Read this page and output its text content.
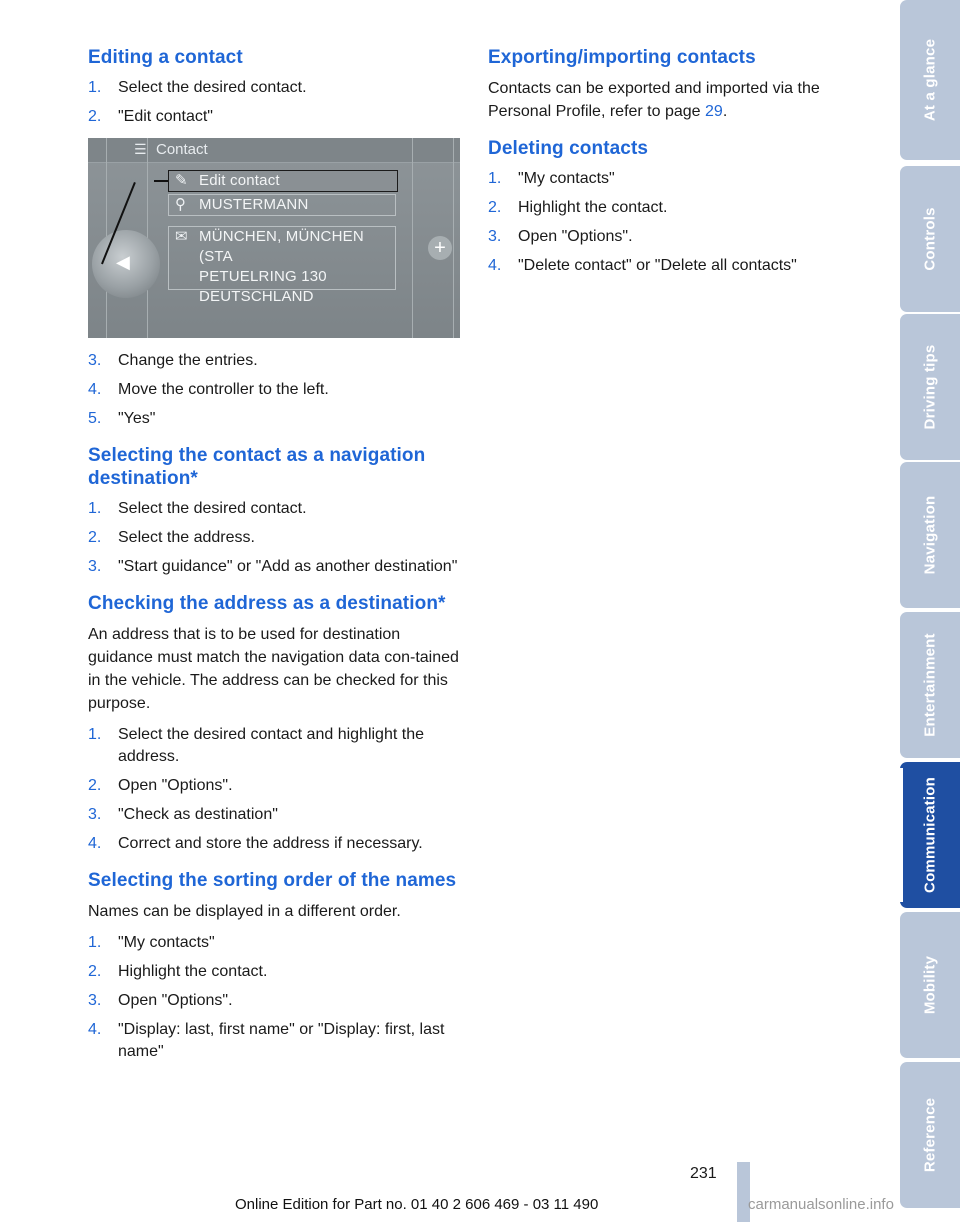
Editing a contact
1. Select the desired contact.
2. "Edit contact"
☰ Contact
◀
+
✎ Edit contact
⚲ MUSTERMANN
✉ MÜNCHEN, MÜNCHEN (STA
PETUELRING 130
DEUTSCHLAND
3. Change the entries.
4. Move the controller to the left.
5. "Yes"
Selecting the contact as a navigation destination*
1. Select the desired contact.
2. Select the address.
3. "Start guidance" or "Add as another destination"
Checking the address as a destination*

An address that is to be used for destination guidance must match the navigation data con-tained in the vehicle. The address can be checked for this purpose.

1. Select the desired contact and highlight the address.
2. Open "Options".
3. "Check as destination"
4. Correct and store the address if necessary.
Selecting the sorting order of the names

Names can be displayed in a different order.

1. "My contacts"
2. Highlight the contact.
3. Open "Options".
4. "Display: last, first name" or "Display: first, last name"
Exporting/importing contacts

Contacts can be exported and imported via the Personal Profile, refer to page 29.

Deleting contacts
1. "My contacts"
2. Highlight the contact.
3. Open "Options".
4. "Delete contact" or "Delete all contacts"
At a glance
Controls
Driving tips
Navigation
Entertainment
Communication
Mobility
Reference
231
Online Edition for Part no. 01 40 2 606 469 - 03 11 490	carmanualsonline.info
